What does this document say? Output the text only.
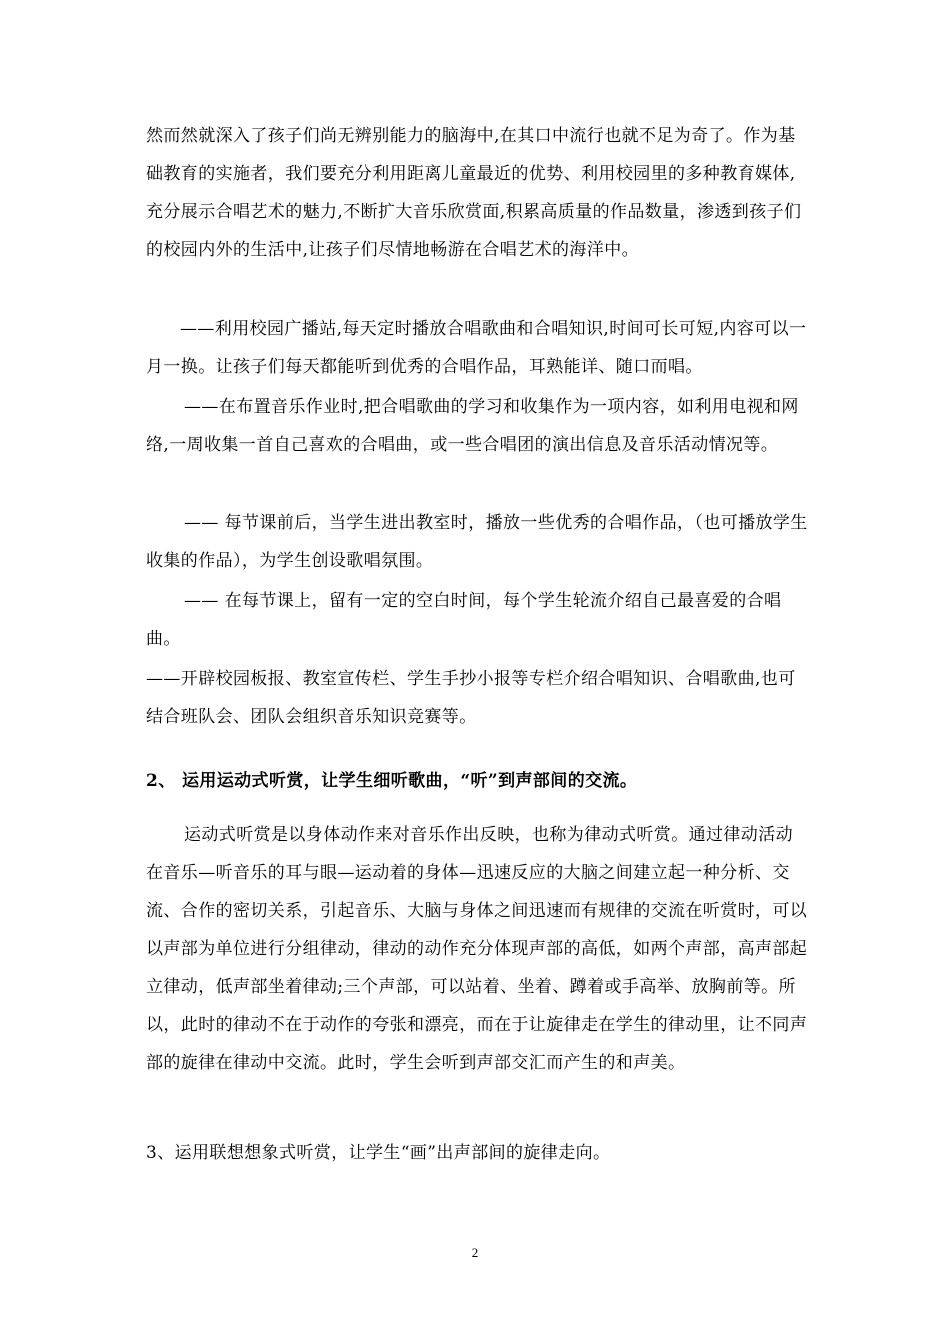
然而然就深入了孩子们尚无辨别能力的脑海中,在其口中流行也就不足为奇了。作为基础教育的实施者，我们要充分利用距离儿童最近的优势、利用校园里的多种教育媒体,充分展示合唱艺术的魅力,不断扩大音乐欣赏面,积累高质量的作品数量，渗透到孩子们的校园内外的生活中,让孩子们尽情地畅游在合唱艺术的海洋中。

——利用校园广播站,每天定时播放合唱歌曲和合唱知识,时间可长可短,内容可以一月一换。让孩子们每天都能听到优秀的合唱作品，耳熟能详、随口而唱。

——在布置音乐作业时,把合唱歌曲的学习和收集作为一项内容，如利用电视和网络,一周收集一首自己喜欢的合唱曲，或一些合唱团的演出信息及音乐活动情况等。

—— 每节课前后，当学生进出教室时，播放一些优秀的合唱作品，（也可播放学生收集的作品），为学生创设歌唱氛围。

—— 在每节课上，留有一定的空白时间，每个学生轮流介绍自己最喜爱的合唱曲。

——开辟校园板报、教室宣传栏、学生手抄小报等专栏介绍合唱知识、合唱歌曲,也可结合班队会、团队会组织音乐知识竞赛等。

2、 运用运动式听赏，让学生细听歌曲，“听”到声部间的交流。

运动式听赏是以身体动作来对音乐作出反映，也称为律动式听赏。通过律动活动在音乐—听音乐的耳与眼—运动着的身体—迅速反应的大脑之间建立起一种分析、交流、合作的密切关系，引起音乐、大脑与身体之间迅速而有规律的交流在听赏时，可以以声部为单位进行分组律动，律动的动作充分体现声部的高低，如两个声部，高声部起立律动，低声部坐着律动;三个声部，可以站着、坐着、蹲着或手高举、放胸前等。所以，此时的律动不在于动作的夸张和漂亮，而在于让旋律走在学生的律动里，让不同声部的旋律在律动中交流。此时，学生会听到声部交汇而产生的和声美。

3、运用联想想象式听赏，让学生“画”出声部间的旋律走向。

2
